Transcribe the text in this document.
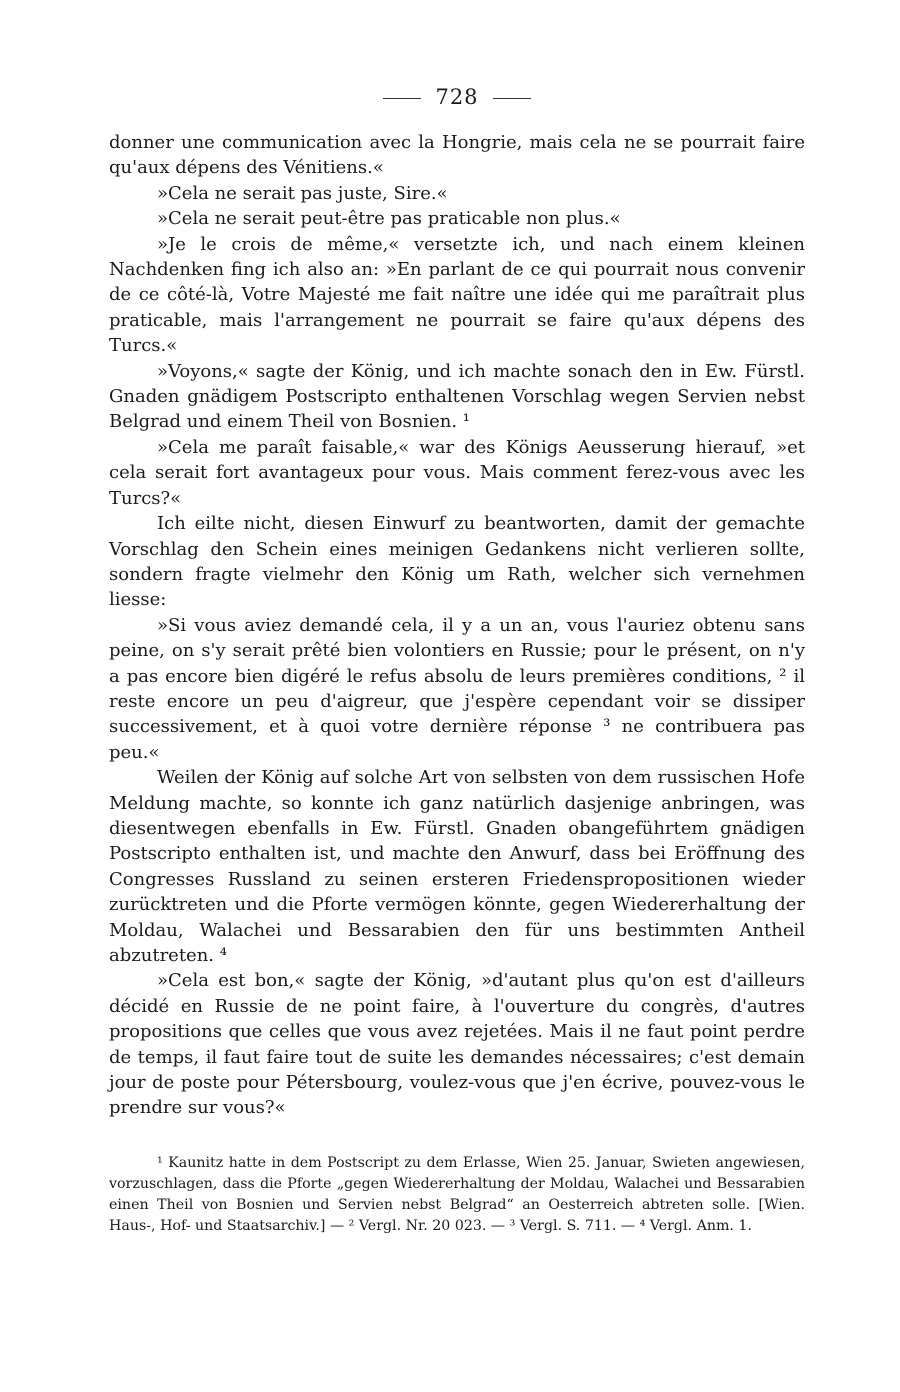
728

donner une communication avec la Hongrie, mais cela ne se pourrait faire qu'aux dépens des Vénitiens.«

»Cela ne serait pas juste, Sire.«

»Cela ne serait peut-être pas praticable non plus.«

»Je le crois de même,« versetzte ich, und nach einem kleinen Nachdenken fing ich also an: »En parlant de ce qui pourrait nous convenir de ce côté-là, Votre Majesté me fait naître une idée qui me paraîtrait plus praticable, mais l'arrangement ne pourrait se faire qu'aux dépens des Turcs.«

»Voyons,« sagte der König, und ich machte sonach den in Ew. Fürstl. Gnaden gnädigem Postscripto enthaltenen Vorschlag wegen Servien nebst Belgrad und einem Theil von Bosnien. ¹

»Cela me paraît faisable,« war des Königs Aeusserung hierauf, »et cela serait fort avantageux pour vous. Mais comment ferez-vous avec les Turcs?«

Ich eilte nicht, diesen Einwurf zu beantworten, damit der gemachte Vorschlag den Schein eines meinigen Gedankens nicht verlieren sollte, sondern fragte vielmehr den König um Rath, welcher sich vernehmen liesse:

»Si vous aviez demandé cela, il y a un an, vous l'auriez obtenu sans peine, on s'y serait prêté bien volontiers en Russie; pour le présent, on n'y a pas encore bien digéré le refus absolu de leurs premières conditions, ² il reste encore un peu d'aigreur, que j'espère cependant voir se dissiper successivement, et à quoi votre dernière réponse ³ ne contribuera pas peu.«

Weilen der König auf solche Art von selbsten von dem russischen Hofe Meldung machte, so konnte ich ganz natürlich dasjenige anbringen, was diesentwegen ebenfalls in Ew. Fürstl. Gnaden obangeführtem gnädigen Postscripto enthalten ist, und machte den Anwurf, dass bei Eröffnung des Congresses Russland zu seinen ersteren Friedenspropositionen wieder zurücktreten und die Pforte vermögen könnte, gegen Wiedererhaltung der Moldau, Walachei und Bessarabien den für uns bestimmten Antheil abzutreten. ⁴

»Cela est bon,« sagte der König, »d'autant plus qu'on est d'ailleurs décidé en Russie de ne point faire, à l'ouverture du congrès, d'autres propositions que celles que vous avez rejetées. Mais il ne faut point perdre de temps, il faut faire tout de suite les demandes nécessaires; c'est demain jour de poste pour Pétersbourg, voulez-vous que j'en écrive, pouvez-vous le prendre sur vous?«

¹ Kaunitz hatte in dem Postscript zu dem Erlasse, Wien 25. Januar, Swieten angewiesen, vorzuschlagen, dass die Pforte „gegen Wiedererhaltung der Moldau, Walachei und Bessarabien einen Theil von Bosnien und Servien nebst Belgrad“ an Oesterreich abtreten solle. [Wien. Haus-, Hof- und Staatsarchiv.] — ² Vergl. Nr. 20 023. — ³ Vergl. S. 711. — ⁴ Vergl. Anm. 1.
